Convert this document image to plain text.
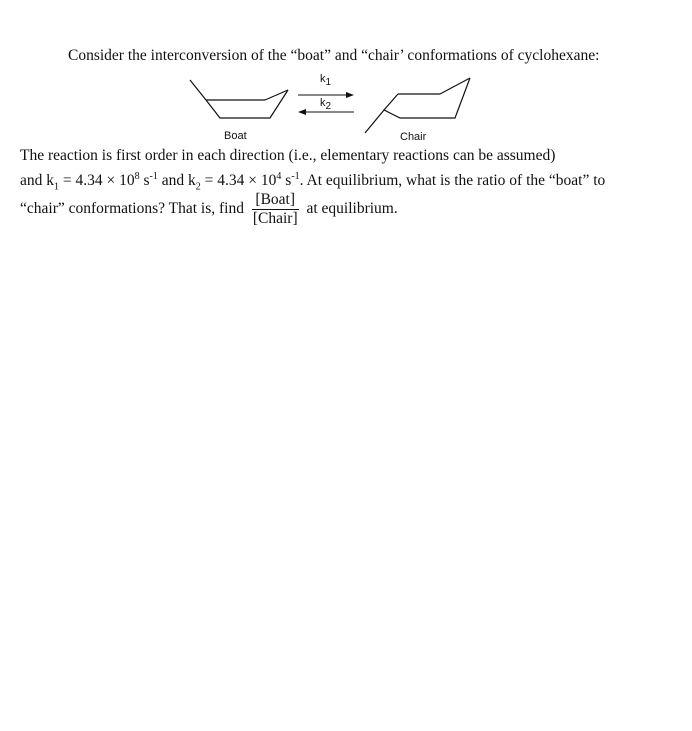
Consider the interconversion of the “boat” and “chair’ conformations of cyclohexane:
$k_1$
$k_2$
Boat	Chair
The reaction is first order in each direction (i.e., elementary reactions can be assumed)
and $k_1 = 4.34 \times 10^8$ $s^{-1}$ and $k_2 = 4.34 \times 10^4$ $s^{-1}$. At equilibrium, what is the ratio of the “boat” to
“chair” conformations? That is, find $\frac{\text{[Boat]}}{\text{[Chair]}}$ at equilibrium.
